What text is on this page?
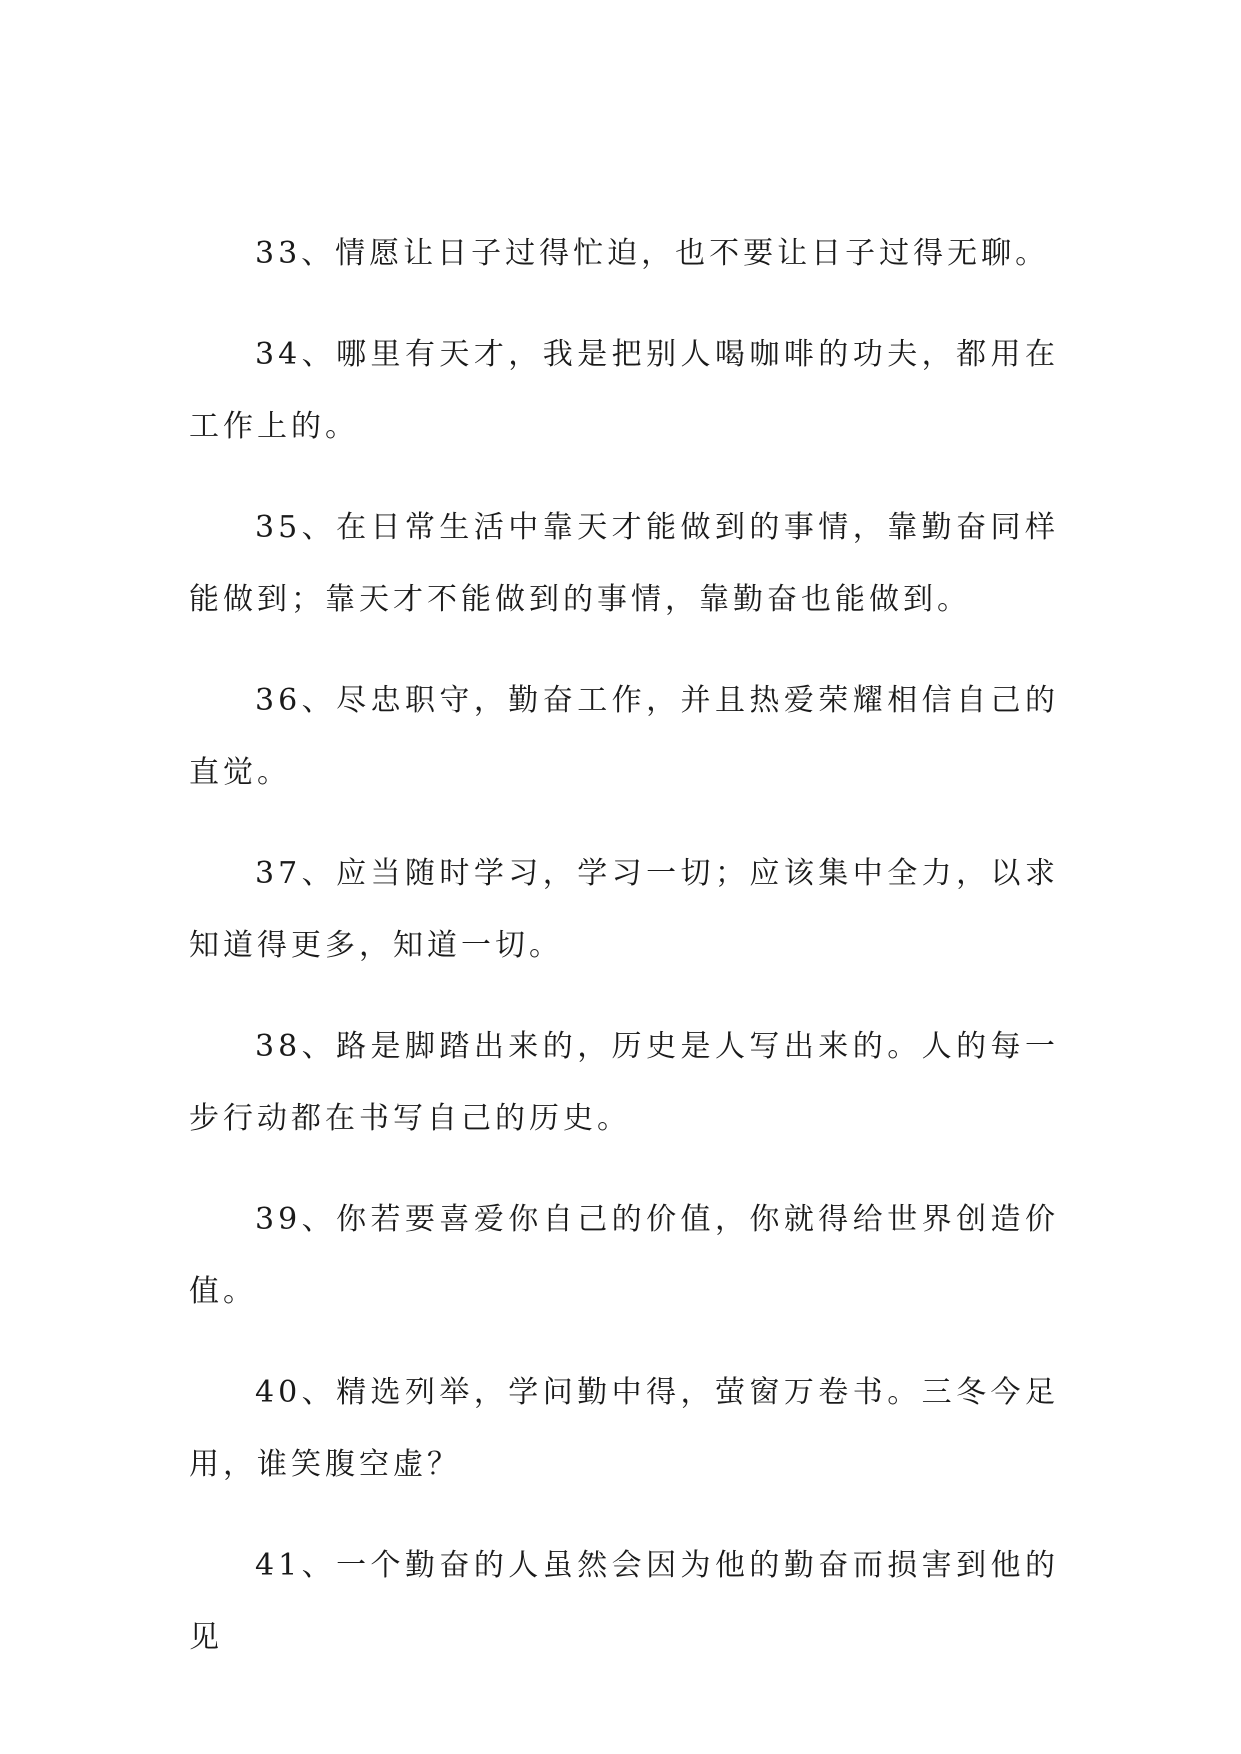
33、情愿让日子过得忙迫，也不要让日子过得无聊。

34、哪里有天才，我是把别人喝咖啡的功夫，都用在工作上的。

35、在日常生活中靠天才能做到的事情，靠勤奋同样能做到；靠天才不能做到的事情，靠勤奋也能做到。

36、尽忠职守，勤奋工作，并且热爱荣耀相信自己的直觉。

37、应当随时学习，学习一切；应该集中全力，以求知道得更多，知道一切。

38、路是脚踏出来的，历史是人写出来的。人的每一步行动都在书写自己的历史。

39、你若要喜爱你自己的价值，你就得给世界创造价值。

40、精选列举，学问勤中得，萤窗万卷书。三冬今足用，谁笑腹空虚？

41、一个勤奋的人虽然会因为他的勤奋而损害到他的见
